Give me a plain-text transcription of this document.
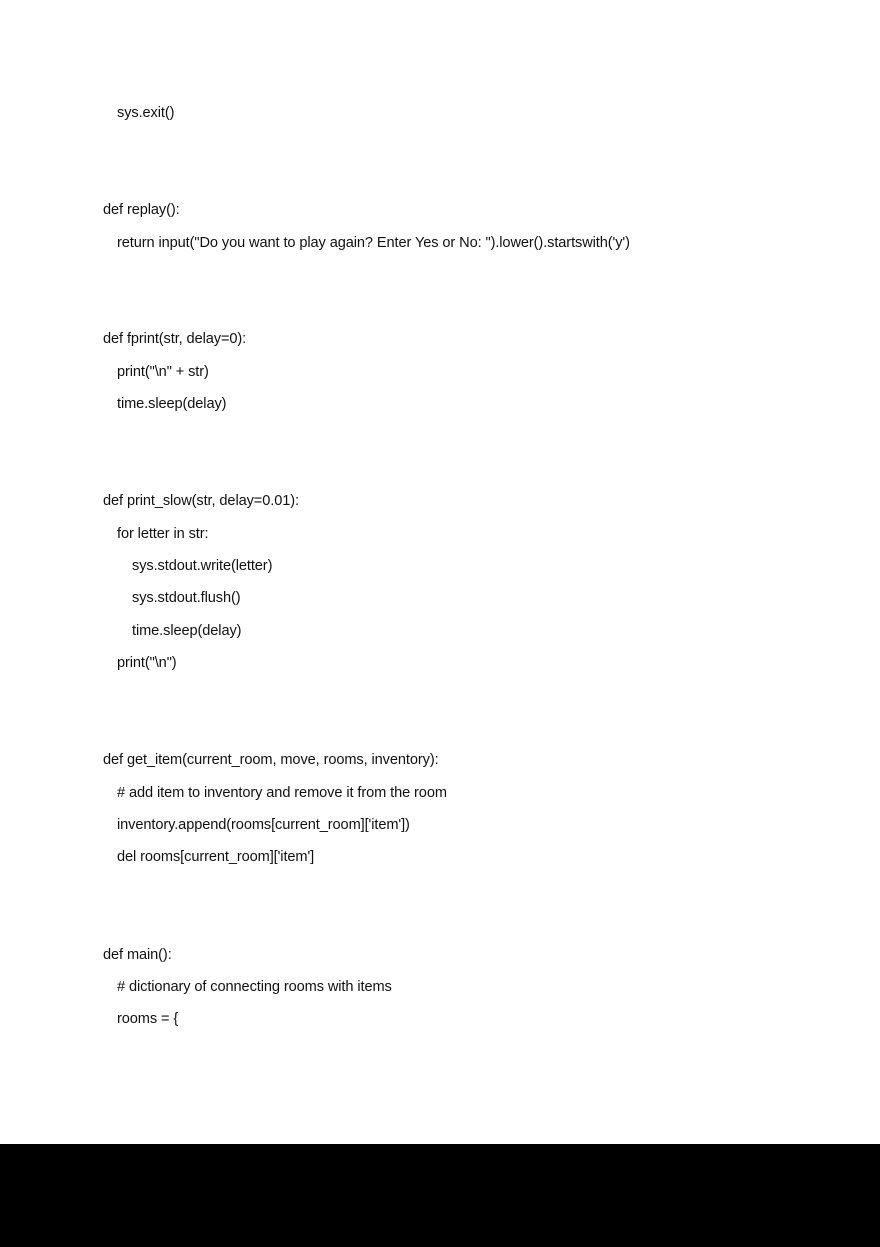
sys.exit()
def replay():
return input("Do you want to play again? Enter Yes or No: ").lower().startswith('y')
def fprint(str, delay=0):
print("\n" + str)
time.sleep(delay)
def print_slow(str, delay=0.01):
for letter in str:
sys.stdout.write(letter)
sys.stdout.flush()
time.sleep(delay)
print("\n")
def get_item(current_room, move, rooms, inventory):
# add item to inventory and remove it from the room
inventory.append(rooms[current_room]['item'])
del rooms[current_room]['item']
def main():
# dictionary of connecting rooms with items
rooms = {
